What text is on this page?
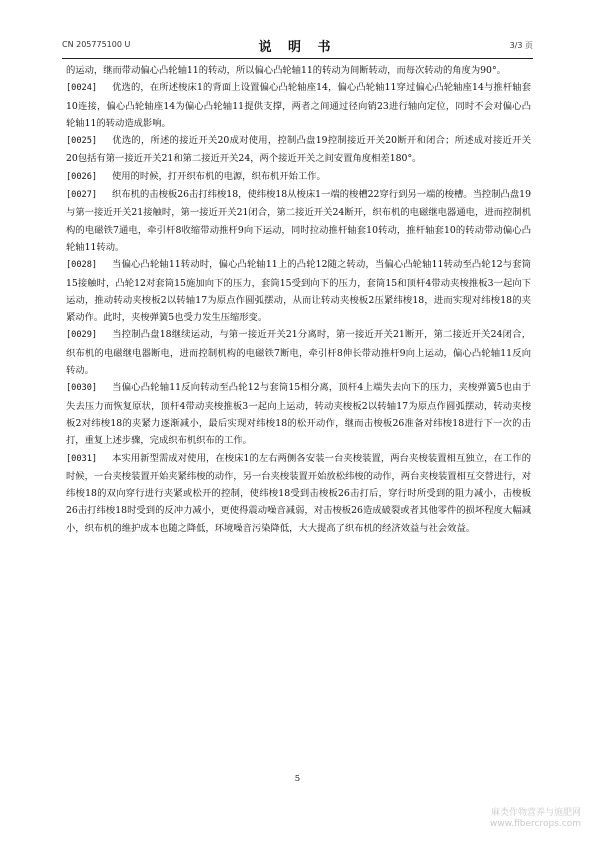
CN 205775100 U	说 明 书	3/3 页

的运动，继而带动偏心凸轮轴11的转动，所以偏心凸轮轴11的转动为间断转动，而每次转动的角度为90°。

[0024] 优选的，在所述梭床1的背面上设置偏心凸轮轴座14，偏心凸轮轴11穿过偏心凸轮轴座14与推杆轴套10连接，偏心凸轮轴座14为偏心凸轮轴11提供支撑，两者之间通过径向销23进行轴向定位，同时不会对偏心凸轮轴11的转动造成影响。

[0025] 优选的，所述的接近开关20成对使用，控制凸盘19控制接近开关20断开和闭合；所述成对接近开关20包括有第一接近开关21和第二接近开关24，两个接近开关之间安置角度相差180°。

[0026] 使用的时候，打开织布机的电源，织布机开始工作。

[0027] 织布机的击梭板26击打纬梭18，使纬梭18从梭床1一端的梭槽22穿行到另一端的梭槽。当控制凸盘19与第一接近开关21接触时，第一接近开关21闭合，第二接近开关24断开，织布机的电磁继电器通电，进而控制机构的电磁铁7通电，牵引杆8收缩带动推杆9向下运动，同时拉动推杆轴套10转动，推杆轴套10的转动带动偏心凸轮轴11转动。

[0028] 当偏心凸轮轴11转动时，偏心凸轮轴11上的凸轮12随之转动，当偏心凸轮轴11转动至凸轮12与套筒15接触时，凸轮12对套筒15施加向下的压力，套筒15受到向下的压力，套筒15和顶杆4带动夹梭推板3一起向下运动，推动转动夹梭板2以转轴17为原点作圆弧摆动，从而让转动夹梭板2压紧纬梭18，进而实现对纬梭18的夹紧动作。此时，夹梭弹簧5也受力发生压缩形变。

[0029] 当控制凸盘18继续运动，与第一接近开关21分离时，第一接近开关21断开，第二接近开关24闭合，织布机的电磁继电器断电，进而控制机构的电磁铁7断电，牵引杆8伸长带动推杆9向上运动，偏心凸轮轴11反向转动。

[0030] 当偏心凸轮轴11反向转动至凸轮12与套筒15相分离，顶杆4上端失去向下的压力，夹梭弹簧5也由于失去压力而恢复原状，顶杆4带动夹梭推板3一起向上运动，转动夹梭板2以转轴17为原点作圆弧摆动，转动夹梭板2对纬梭18的夹紧力逐渐减小，最后实现对纬梭18的松开动作，继而击梭板26准备对纬梭18进行下一次的击打，重复上述步骤，完成织布机织布的工作。

[0031] 本实用新型需成对使用，在梭床1的左右两侧各安装一台夹梭装置，两台夹梭装置相互独立，在工作的时候，一台夹梭装置开始夹紧纬梭的动作，另一台夹梭装置开始放松纬梭的动作，两台夹梭装置相互交替进行，对纬梭18的双向穿行进行夹紧或松开的控制，使纬梭18受到击梭板26击打后，穿行时所受到的阻力减小，击梭板26击打纬梭18时受到的反冲力减小，更使得震动噪音减弱，对击梭板26造成破裂或者其他零件的损坏程度大幅减小，织布机的维护成本也随之降低，环境噪音污染降低，大大提高了织布机的经济效益与社会效益。

5
麻类作物营养与施肥网
www.fibercrops.com
